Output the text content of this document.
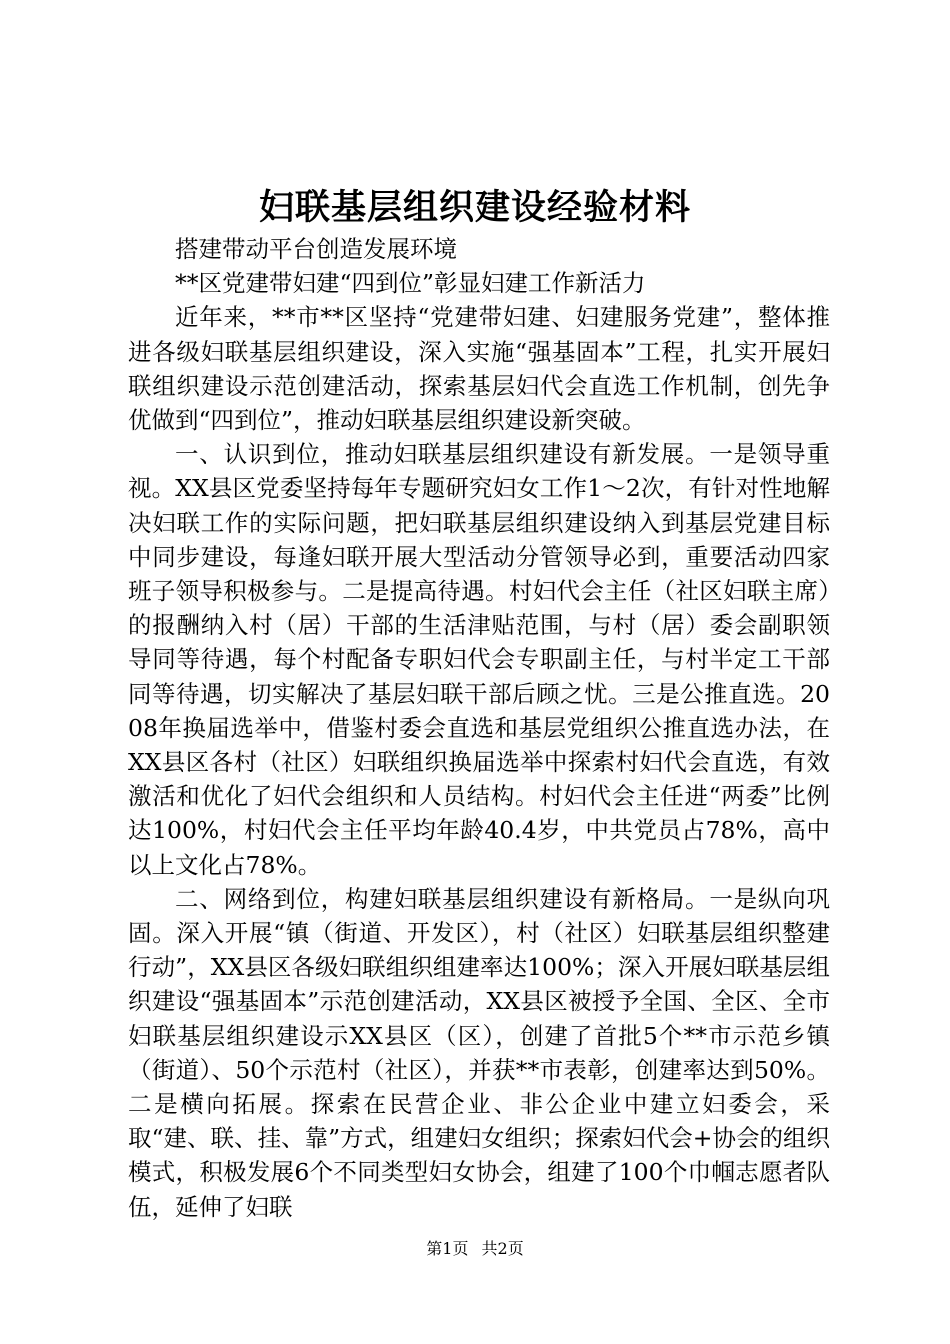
妇联基层组织建设经验材料

搭建带动平台创造发展环境

**区党建带妇建“四到位”彰显妇建工作新活力

近年来，**市**区坚持“党建带妇建、妇建服务党建”，整体推进各级妇联基层组织建设，深入实施“强基固本”工程，扎实开展妇联组织建设示范创建活动，探索基层妇代会直选工作机制，创先争优做到“四到位”，推动妇联基层组织建设新突破。

一、认识到位，推动妇联基层组织建设有新发展。一是领导重视。XX县区党委坚持每年专题研究妇女工作1～2次，有针对性地解决妇联工作的实际问题，把妇联基层组织建设纳入到基层党建目标中同步建设，每逢妇联开展大型活动分管领导必到，重要活动四家班子领导积极参与。二是提高待遇。村妇代会主任（社区妇联主席）的报酬纳入村（居）干部的生活津贴范围，与村（居）委会副职领导同等待遇，每个村配备专职妇代会专职副主任，与村半定工干部同等待遇，切实解决了基层妇联干部后顾之忧。三是公推直选。2008年换届选举中，借鉴村委会直选和基层党组织公推直选办法，在XX县区各村（社区）妇联组织换届选举中探索村妇代会直选，有效激活和优化了妇代会组织和人员结构。村妇代会主任进“两委”比例达100%，村妇代会主任平均年龄40.4岁，中共党员占78%，高中以上文化占78%。

二、网络到位，构建妇联基层组织建设有新格局。一是纵向巩固。深入开展“镇（街道、开发区），村（社区）妇联基层组织整建行动”，XX县区各级妇联组织组建率达100%；深入开展妇联基层组织建设“强基固本”示范创建活动，XX县区被授予全国、全区、全市妇联基层组织建设示XX县区（区），创建了首批5个**市示范乡镇（街道）、50个示范村（社区），并获**市表彰，创建率达到50%。二是横向拓展。探索在民营企业、非公企业中建立妇委会，采取“建、联、挂、靠”方式，组建妇女组织；探索妇代会+协会的组织模式，积极发展6个不同类型妇女协会，组建了100个巾帼志愿者队伍，延伸了妇联

第1页 共2页
